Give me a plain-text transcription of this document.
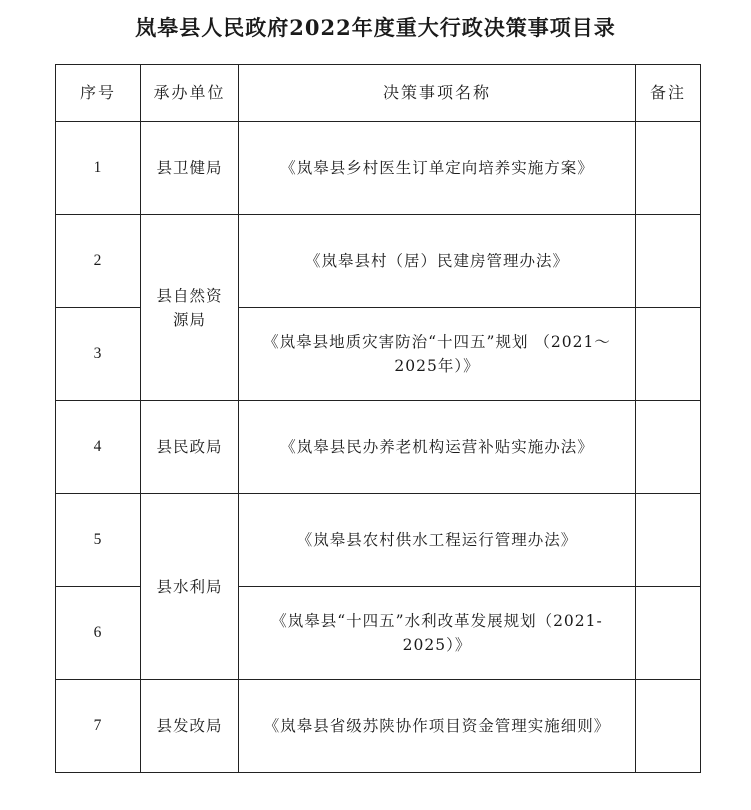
岚皋县人民政府2022年度重大行政决策事项目录
序号	承办单位	决策事项名称	备注
1	县卫健局	《岚皋县乡村医生订单定向培养实施方案》	
2	县自然资源局	《岚皋县村（居）民建房管理办法》	
3		《岚皋县地质灾害防治“十四五”规划 （2021～2025年）》	
4	县民政局	《岚皋县民办养老机构运营补贴实施办法》	
5	县水利局	《岚皋县农村供水工程运行管理办法》	
6		《岚皋县“十四五”水利改革发展规划（2021-2025）》	
7	县发改局	《岚皋县省级苏陕协作项目资金管理实施细则》	
